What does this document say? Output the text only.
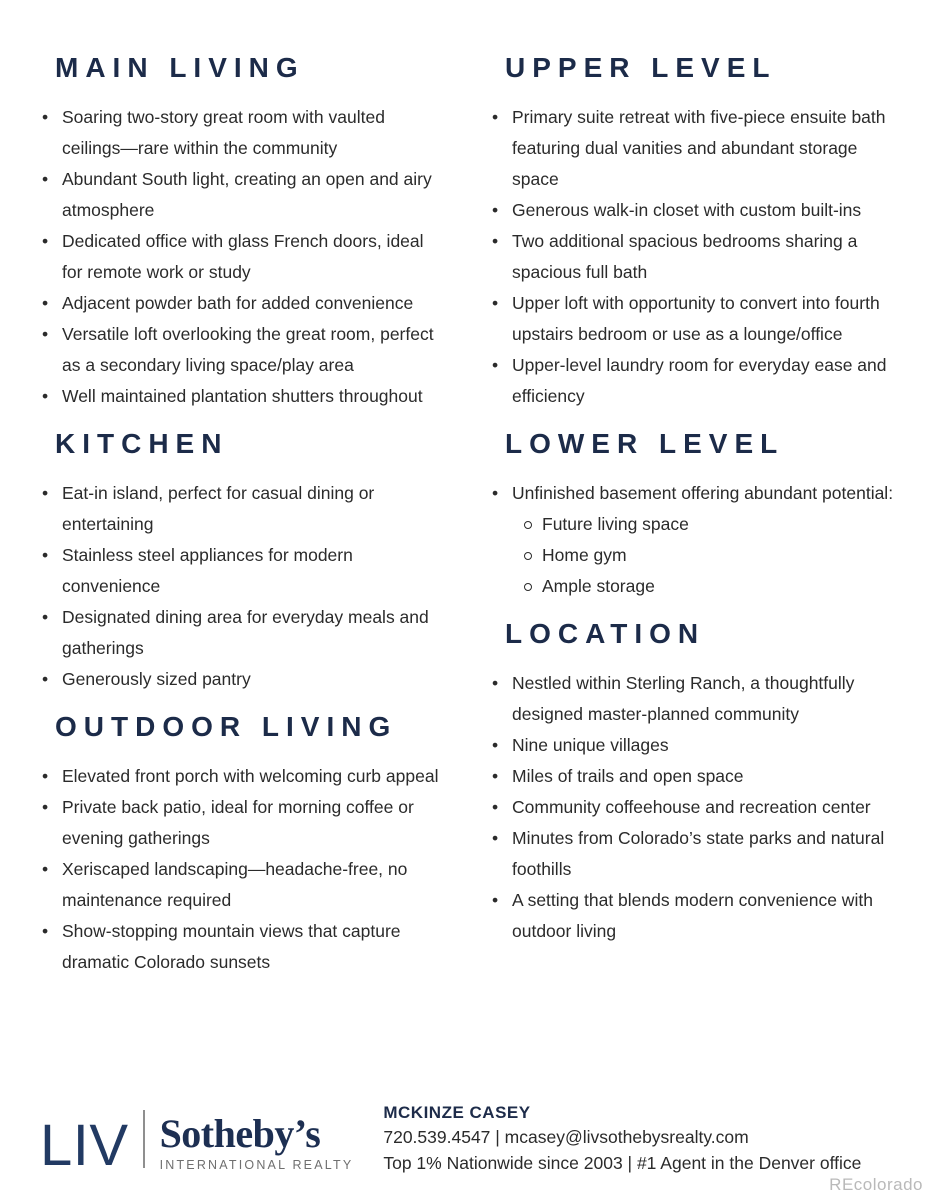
MAIN LIVING
• Soaring two-story great room with vaulted ceilings—rare within the community
• Abundant South light, creating an open and airy atmosphere
• Dedicated office with glass French doors, ideal for remote work or study
• Adjacent powder bath for added convenience
• Versatile loft overlooking the great room, perfect as a secondary living space/play area
• Well maintained plantation shutters throughout
KITCHEN
• Eat-in island, perfect for casual dining or entertaining
• Stainless steel appliances for modern convenience
• Designated dining area for everyday meals and gatherings
• Generously sized pantry
OUTDOOR LIVING
• Elevated front porch with welcoming curb appeal
• Private back patio, ideal for morning coffee or evening gatherings
• Xeriscaped landscaping—headache-free, no maintenance required
• Show-stopping mountain views that capture dramatic Colorado sunsets
UPPER LEVEL
• Primary suite retreat with five-piece ensuite bath featuring dual vanities and abundant storage space
• Generous walk-in closet with custom built-ins
• Two additional spacious bedrooms sharing a spacious full bath
• Upper loft with opportunity to convert into fourth upstairs bedroom or use as a lounge/office
• Upper-level laundry room for everyday ease and efficiency
LOWER LEVEL
• Unfinished basement offering abundant potential:
Future living space
Home gym
Ample storage
LOCATION
• Nestled within Sterling Ranch, a thoughtfully designed master-planned community
• Nine unique villages
• Miles of trails and open space
• Community coffeehouse and recreation center
• Minutes from Colorado’s state parks and natural foothills
• A setting that blends modern convenience with outdoor living
LIV Sotheby’s
INTERNATIONAL REALTY
MCKINZE CASEY
720.539.4547 | mcasey@livsothebysrealty.com
Top 1% Nationwide since 2003 | #1 Agent in the Denver office
REcolorado
